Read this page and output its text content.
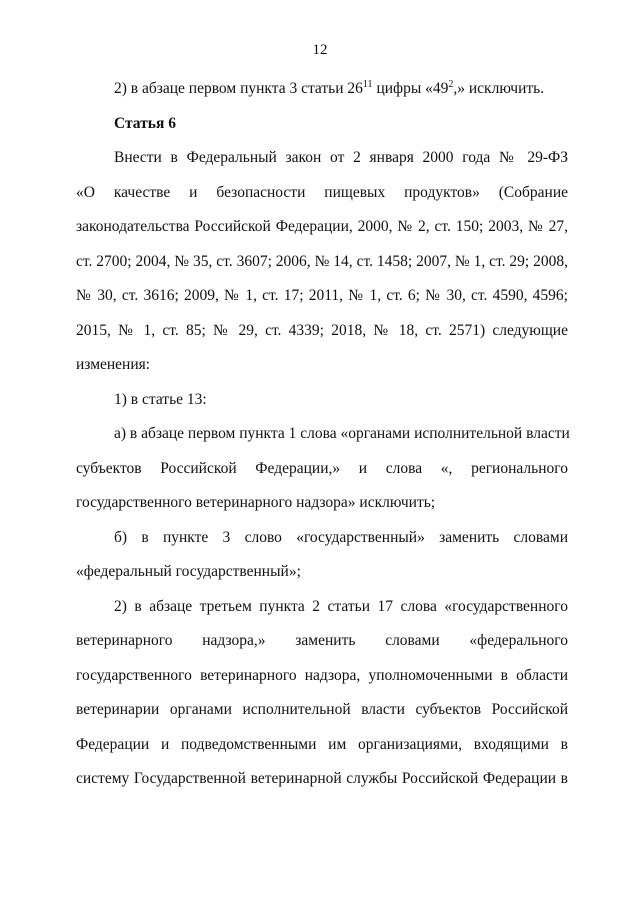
12

2) в абзаце первом пункта 3 статьи $26^{11}$ цифры «$49^2$,» исключить.

Статья 6

Внести в Федеральный закон от 2 января 2000 года № 29-ФЗ
«О качестве и безопасности пищевых продуктов» (Собрание
законодательства Российской Федерации, 2000, № 2, ст. 150; 2003, № 27,
ст. 2700; 2004, № 35, ст. 3607; 2006, № 14, ст. 1458; 2007, № 1, ст. 29; 2008,
№ 30, ст. 3616; 2009, № 1, ст. 17; 2011, № 1, ст. 6; № 30, ст. 4590, 4596;
2015, № 1, ст. 85; № 29, ст. 4339; 2018, № 18, ст. 2571) следующие
изменения:

1) в статье 13:

а) в абзаце первом пункта 1 слова «органами исполнительной власти
субъектов Российской Федерации,» и слова «, регионального
государственного ветеринарного надзора» исключить;
б) в пункте 3 слово «государственный» заменить словами
«федеральный государственный»;
2) в абзаце третьем пункта 2 статьи 17 слова «государственного
ветеринарного надзора,» заменить словами «федерального
государственного ветеринарного надзора, уполномоченными в области
ветеринарии органами исполнительной власти субъектов Российской
Федерации и подведомственными им организациями, входящими в
систему Государственной ветеринарной службы Российской Федерации в
